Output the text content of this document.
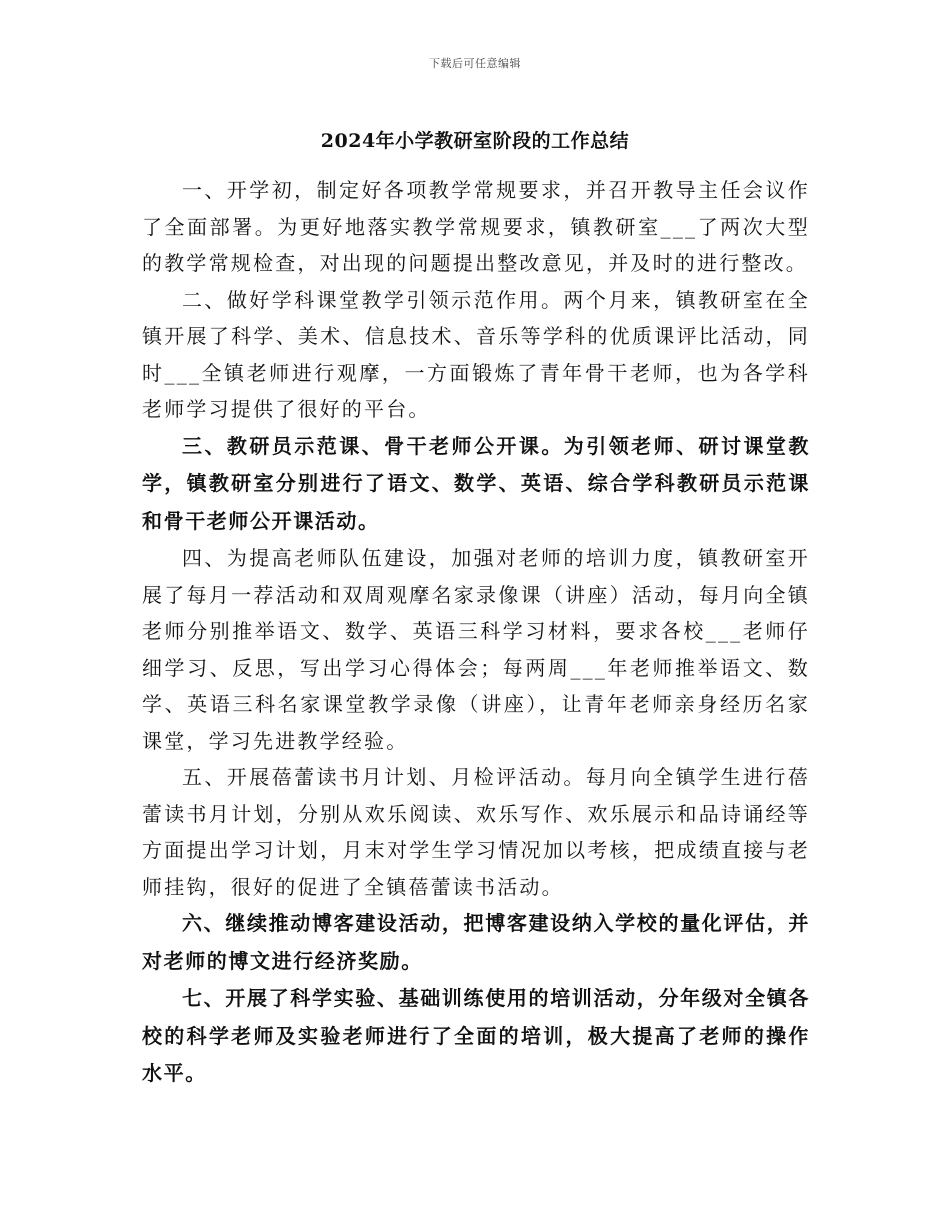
下载后可任意编辑
2024年小学教研室阶段的工作总结

一、开学初，制定好各项教学常规要求，并召开教导主任会议作了全面部署。为更好地落实教学常规要求，镇教研室___了两次大型的教学常规检查，对出现的问题提出整改意见，并及时的进行整改。

二、做好学科课堂教学引领示范作用。两个月来，镇教研室在全镇开展了科学、美术、信息技术、音乐等学科的优质课评比活动，同时___全镇老师进行观摩，一方面锻炼了青年骨干老师，也为各学科老师学习提供了很好的平台。

三、教研员示范课、骨干老师公开课。为引领老师、研讨课堂教学，镇教研室分别进行了语文、数学、英语、综合学科教研员示范课和骨干老师公开课活动。

四、为提高老师队伍建设，加强对老师的培训力度，镇教研室开展了每月一荐活动和双周观摩名家录像课（讲座）活动，每月向全镇老师分别推举语文、数学、英语三科学习材料，要求各校___老师仔细学习、反思，写出学习心得体会；每两周___年老师推举语文、数学、英语三科名家课堂教学录像（讲座），让青年老师亲身经历名家课堂，学习先进教学经验。

五、开展蓓蕾读书月计划、月检评活动。每月向全镇学生进行蓓蕾读书月计划，分别从欢乐阅读、欢乐写作、欢乐展示和品诗诵经等方面提出学习计划，月末对学生学习情况加以考核，把成绩直接与老师挂钩，很好的促进了全镇蓓蕾读书活动。

六、继续推动博客建设活动，把博客建设纳入学校的量化评估，并对老师的博文进行经济奖励。

七、开展了科学实验、基础训练使用的培训活动，分年级对全镇各校的科学老师及实验老师进行了全面的培训，极大提高了老师的操作水平。
